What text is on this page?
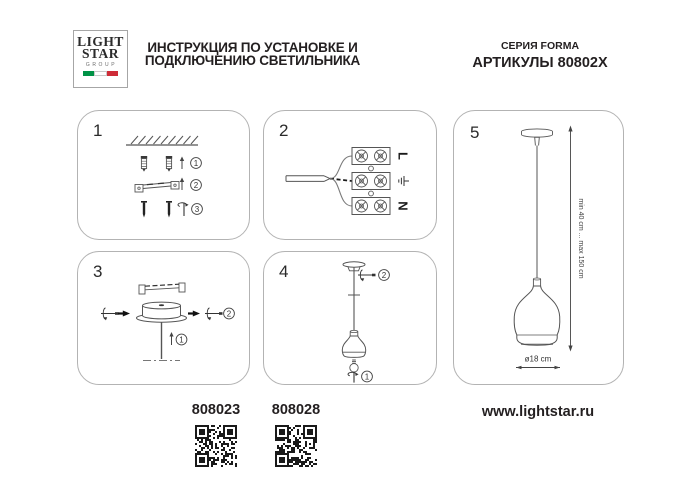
LIGHT
STAR
GROUP
ИНСТРУКЦИЯ ПО УСТАНОВКЕ И
ПОДКЛЮЧЕНИЮ СВЕТИЛЬНИКА
СЕРИЯ FORMA
АРТИКУЛЫ 80802X
1
1
2
3
2
L
N
3
1
2
4	2
1
5
min 40 cm ... max 150 cm
ø18 cm
808023	808028	www.lightstar.ru
